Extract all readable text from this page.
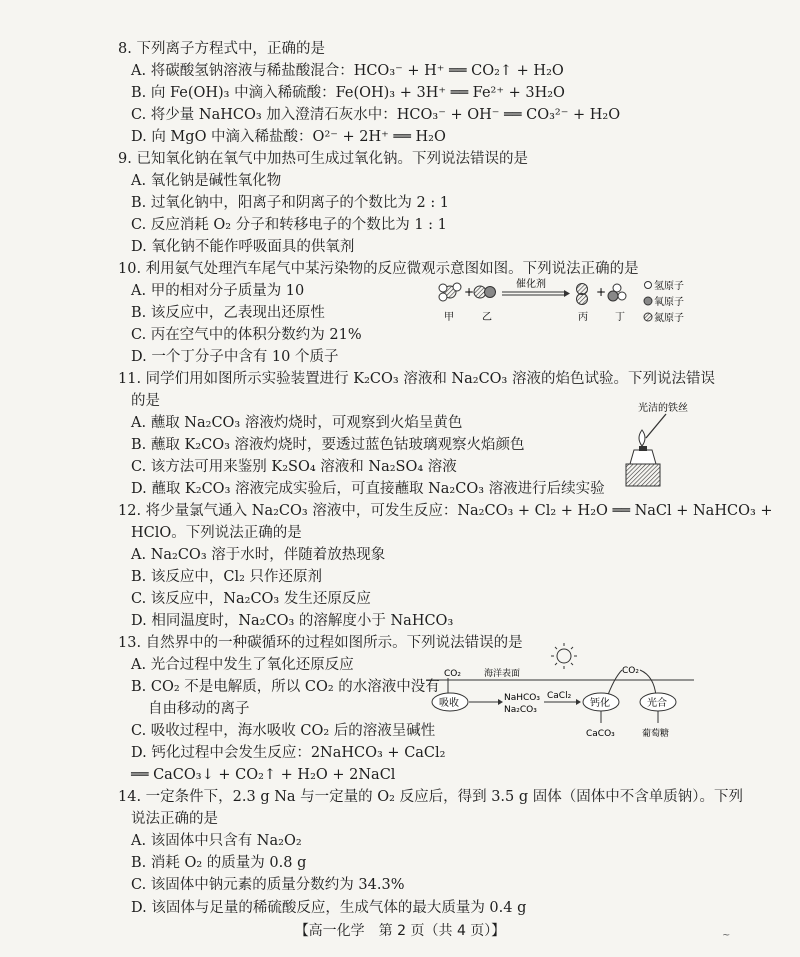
8. 下列离子方程式中，正确的是
A. 将碳酸氢钠溶液与稀盐酸混合：HCO₃⁻ + H⁺ ══ CO₂↑ + H₂O
B. 向 Fe(OH)₃ 中滴入稀硫酸：Fe(OH)₃ + 3H⁺ ══ Fe²⁺ + 3H₂O
C. 将少量 NaHCO₃ 加入澄清石灰水中：HCO₃⁻ + OH⁻ ══ CO₃²⁻ + H₂O
D. 向 MgO 中滴入稀盐酸：O²⁻ + 2H⁺ ══ H₂O
9. 已知氧化钠在氧气中加热可生成过氧化钠。下列说法错误的是
A. 氧化钠是碱性氧化物
B. 过氧化钠中，阳离子和阴离子的个数比为 2 : 1
C. 反应消耗 O₂ 分子和转移电子的个数比为 1 : 1
D. 氧化钠不能作呼吸面具的供氧剂
10. 利用氨气处理汽车尾气中某污染物的反应微观示意图如图。下列说法正确的是
A. 甲的相对分子质量为 10
B. 该反应中，乙表现出还原性
C. 丙在空气中的体积分数约为 21%
D. 一个丁分子中含有 10 个质子
11. 同学们用如图所示实验装置进行 K₂CO₃ 溶液和 Na₂CO₃ 溶液的焰色试验。下列说法错误
的是
A. 蘸取 Na₂CO₃ 溶液灼烧时，可观察到火焰呈黄色
B. 蘸取 K₂CO₃ 溶液灼烧时，要透过蓝色钴玻璃观察火焰颜色
C. 该方法可用来鉴别 K₂SO₄ 溶液和 Na₂SO₄ 溶液
D. 蘸取 K₂CO₃ 溶液完成实验后，可直接蘸取 Na₂CO₃ 溶液进行后续实验
12. 将少量氯气通入 Na₂CO₃ 溶液中，可发生反应：Na₂CO₃ + Cl₂ + H₂O ══ NaCl + NaHCO₃ +
HClO。下列说法正确的是
A. Na₂CO₃ 溶于水时，伴随着放热现象
B. 该反应中，Cl₂ 只作还原剂
C. 该反应中，Na₂CO₃ 发生还原反应
D. 相同温度时，Na₂CO₃ 的溶解度小于 NaHCO₃
13. 自然界中的一种碳循环的过程如图所示。下列说法错误的是
A. 光合过程中发生了氧化还原反应
B. CO₂ 不是电解质，所以 CO₂ 的水溶液中没有
自由移动的离子
C. 吸收过程中，海水吸收 CO₂ 后的溶液呈碱性
D. 钙化过程中会发生反应：2NaHCO₃ + CaCl₂
══ CaCO₃↓ + CO₂↑ + H₂O + 2NaCl
14. 一定条件下，2.3 g Na 与一定量的 O₂ 反应后，得到 3.5 g 固体（固体中不含单质钠）。下列
说法正确的是
A. 该固体中只含有 Na₂O₂
B. 消耗 O₂ 的质量为 0.8 g
C. 该固体中钠元素的质量分数约为 34.3%
+
催化剂
+
甲	乙	丙	丁
氢原子
氧原子
氮原子
光洁的铁丝
CO₂	海洋表面	CO₂
吸收	NaHCO₃
Na₂CO₃
CaCl₂
钙化
CaCO₃
光合
葡萄糖
【高一化学　第 2 页（共 4 页）】	~
D. 该固体与足量的稀硫酸反应，生成气体的最大质量为 0.4 g
